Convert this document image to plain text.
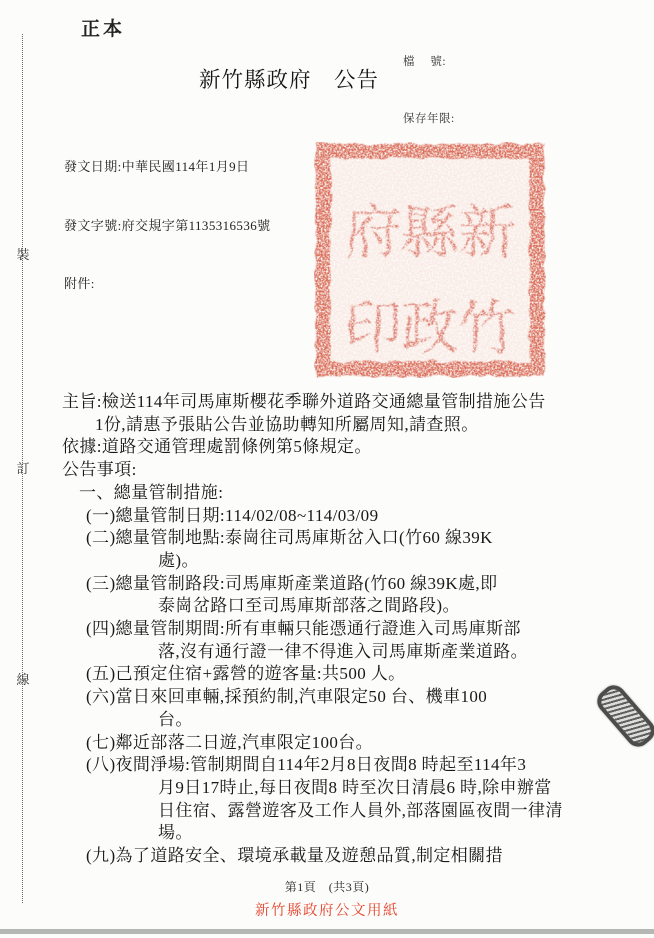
裝
訂
線
正本

檔　 號:

保存年限:

新竹縣政府　公告

發文日期:中華民國114年1月9日

發文字號:府交規字第1135316536號

附件:

新
竹
縣
政
府
印
主旨:檢送114年司馬庫斯櫻花季聯外道路交通總量管制措施公告
1份,請惠予張貼公告並協助轉知所屬周知,請查照。
依據:道路交通管理處罰條例第5條規定。
公告事項:
一、總量管制措施:
(一)總量管制日期:114/02/08~114/03/09
(二)總量管制地點:泰崗往司馬庫斯岔入口(竹60 線39K
處)。
(三)總量管制路段:司馬庫斯產業道路(竹60 線39K處,即
泰崗岔路口至司馬庫斯部落之間路段)。
(四)總量管制期間:所有車輛只能憑通行證進入司馬庫斯部
落,沒有通行證一律不得進入司馬庫斯產業道路。
(五)己預定住宿+露營的遊客量:共500 人。
(六)當日來回車輛,採預約制,汽車限定50 台、機車100
台。
(七)鄰近部落二日遊,汽車限定100台。
(八)夜間淨場:管制期間自114年2月8日夜間8 時起至114年3
月9日17時止,每日夜間8 時至次日清晨6 時,除申辦當
日住宿、露營遊客及工作人員外,部落園區夜間一律清
場。
(九)為了道路安全、環境承載量及遊憩品質,制定相關措
第1頁　(共3頁)
新竹縣政府公文用紙
